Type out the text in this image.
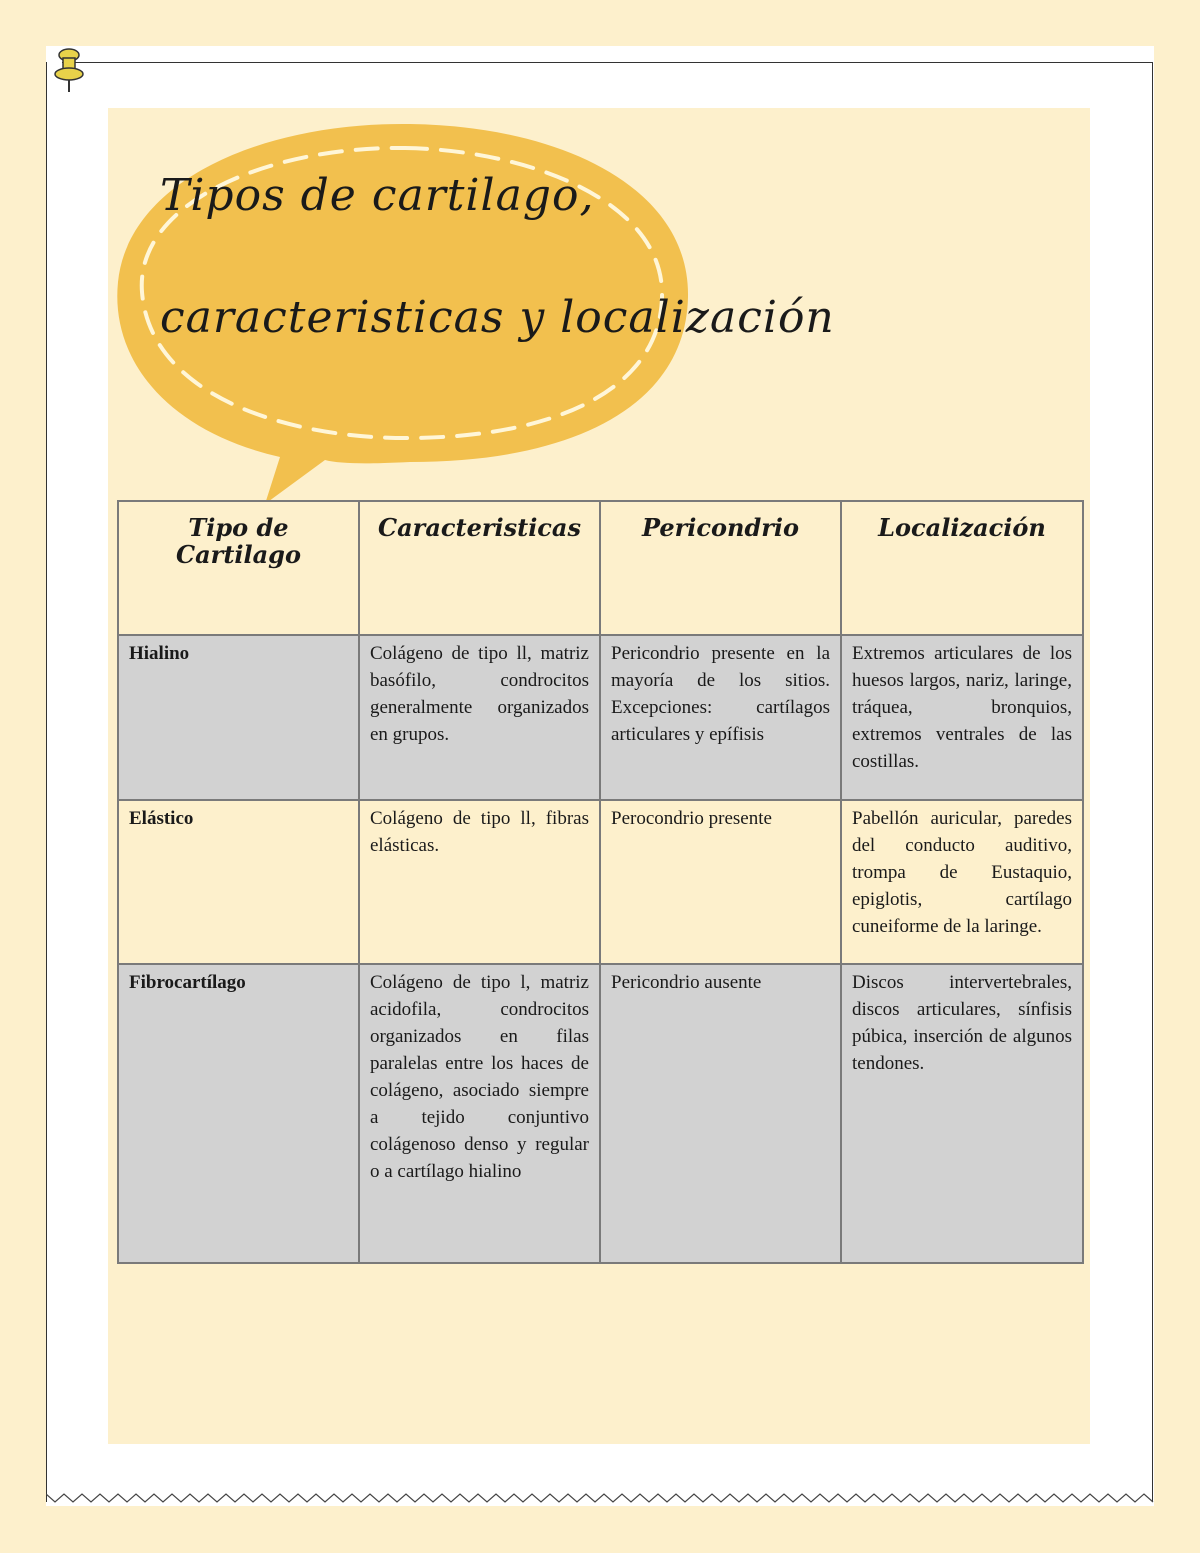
Tipos de cartilago,
caracteristicas y localización
Tipo de Cartilago	Caracteristicas	Pericondrio	Localización
Hialino	Colágeno de tipo ll, matriz basófilo, condrocitos generalmente organizados en grupos.	Pericondrio presente en la mayoría de los sitios. Excepciones: cartílagos articulares y epífisis	Extremos articulares de los huesos largos, nariz, laringe, tráquea, bronquios, extremos ventrales de las costillas.
Elástico	Colágeno de tipo ll, fibras elásticas.	Perocondrio presente	Pabellón auricular, paredes del conducto auditivo, trompa de Eustaquio, epiglotis, cartílago cuneiforme de la laringe.
Fibrocartílago	Colágeno de tipo l, matriz acidofila, condrocitos organizados en filas paralelas entre los haces de colágeno, asociado siempre a tejido conjuntivo colágenoso denso y regular o a cartílago hialino	Pericondrio ausente	Discos intervertebrales, discos articulares, sínfisis púbica, inserción de algunos tendones.
